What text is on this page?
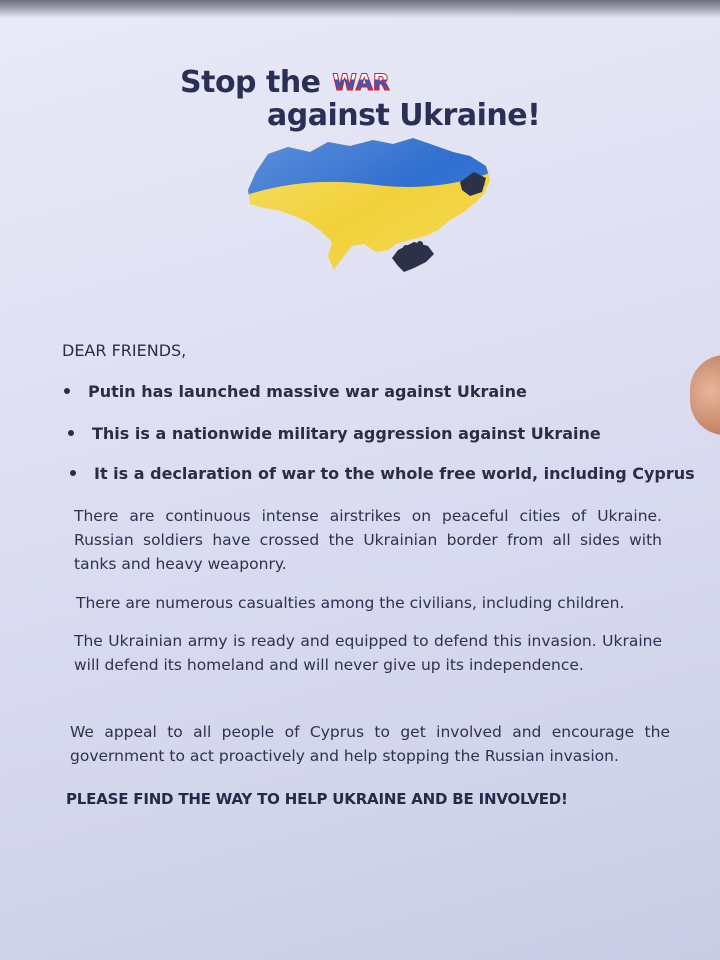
Stop the WAR
against Ukraine!
DEAR FRIENDS,
Putin has launched massive war against Ukraine
This is a nationwide military aggression against Ukraine
It is a declaration of war to the whole free world, including Cyprus
There are continuous intense airstrikes on peaceful cities of Ukraine. Russian soldiers have crossed the Ukrainian border from all sides with tanks and heavy weaponry.
There are numerous casualties among the civilians, including children.
The Ukrainian army is ready and equipped to defend this invasion. Ukraine will defend its homeland and will never give up its independence.
We appeal to all people of Cyprus to get involved and encourage the government to act proactively and help stopping the Russian invasion.
PLEASE FIND THE WAY TO HELP UKRAINE AND BE INVOLVED!
